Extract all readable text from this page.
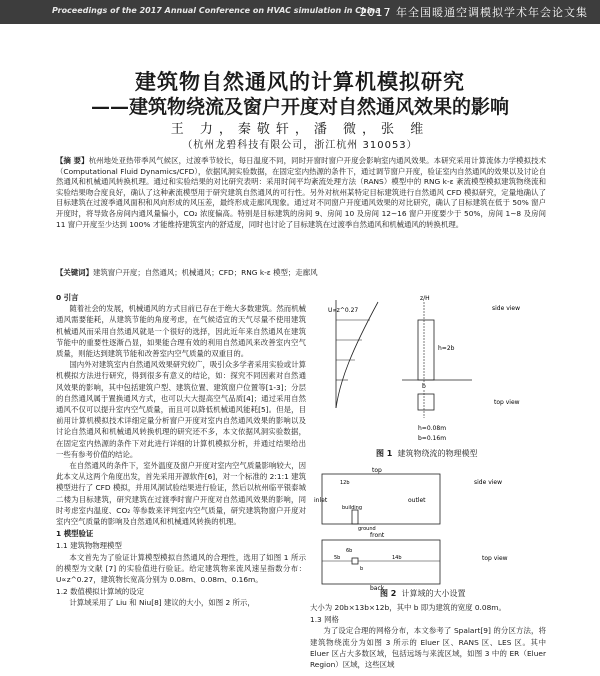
Proceedings of the 2017 Annual Conference on HVAC simulation in China
2017 年全国暖通空调模拟学术年会论文集
建筑物自然通风的计算机模拟研究
——建筑物绕流及窗户开度对自然通风效果的影响
王 力，秦敬轩，潘 微，张 维
（杭州龙碧科技有限公司，浙江杭州 310053）
【摘 要】杭州地处亚热带季风气候区，过渡季节较长，每日温度不同，同时开窗时窗户开度会影响室内通风效果。本研究采用计算流体力学模拟技术（Computational Fluid Dynamics/CFD），依据风洞实验数据，在固定室内热源的条件下，通过调节窗户开度，验证室内自然通风的效果以及讨论自然通风和机械通风转换机理。通过和实验结果的对比研究表明：采用时间平均紊流处理方法（RANS）模型中的 RNG k-ε 紊流模型模拟建筑物绕流和实验结果吻合度良好，确认了这种紊流模型用于研究建筑自然通风的可行性。另外对杭州某特定目标建筑进行自然通风 CFD 模拟研究，定量地确认了目标建筑在过渡季通风面积和风向形成的风压差，最终形成走廊风现象。通过对不同窗户开度通风效果的对比研究，确认了目标建筑在低于 50% 窗户开度时，将导致各房间内通风量偏小，CO₂ 浓度偏高。特别是目标建筑的房间 9、房间 10 及房间 12~16 窗户开度要少于 50%，房间 1~8 及房间 11 窗户开度至少达到 100% 才能维持建筑室内的舒适度，同时也讨论了目标建筑在过渡季自然通风和机械通风的转换机理。
【关键词】建筑窗户开度；自然通风；机械通风；CFD；RNG k-ε 模型；走廊风
0 引言

随着社会的发展，机械通风的方式目前已存在于绝大多数建筑。然而机械通风需要能耗，从建筑节能的角度考虑，在气候适宜的天气尽量不使用建筑机械通风而采用自然通风就是一个很好的选择，因此近年来自然通风在建筑节能中的重要性逐渐凸显，如果能合理有效的利用自然通风来改善室内空气质量，则能达到建筑节能和改善室内空气质量的双重目的。

国内外对建筑室内自然通风效果研究较广，吸引众多学者采用实验或计算机模拟方法进行研究，得到很多有意义的结论，如：探究不同因素对自然通风效果的影响，其中包括建筑户型、建筑位置、建筑窗户位置等[1-3]；分层的自然通风属于置换通风方式，也可以大大提高空气品质[4]；通过采用自然通风不仅可以提升室内空气质量，而且可以降低机械通风能耗[5]。但是，目前用计算机模拟技术详细定量分析窗户开度对室内自然通风效果的影响以及讨论自然通风和机械通风转换机理的研究还不多，本文依据风洞实验数据，在固定室内热源的条件下对此进行详细的计算机模拟分析，并通过结果给出一些有参考价值的结论。

在自然通风的条件下，室外温度及窗户开度对室内空气质量影响较大，因此本文从这两个角度出发，首先采用开源软件[6]，对一个标准的 2:1:1 建筑模型进行了 CFD 模拟，并用风洞试验结果进行验证，然后以杭州临平银泰城二楼为目标建筑，研究建筑在过渡季时窗户开度对自然通风效果的影响，同时考虑室内温度、CO₂ 等参数来评判室内空气质量，研究建筑物窗户开度对室内空气质量的影响及自然通风和机械通风转换的机理。

1 模型验证
1.1 建筑物物理模型

本文首先为了验证计算模型模拟自然通风的合理性，选用了如图 1 所示的模型为文献 [7] 的实验值进行验证。给定建筑物来流风速呈指数分布：U∝z^0.27，建筑物长宽高分别为 0.08m、0.08m、0.16m。

1.2 数值模拟计算域的设定

计算域采用了 Liu 和 Niu[8] 建议的大小，如图 2 所示，

大小为 20b×13b×12b，其中 b 即为建筑的宽度 0.08m。

1.3 网格

为了设定合理的网格分布，本文参考了 Spalart[9] 的分区方法，将建筑物绕流分为如图 3 所示的 Eluer 区、RANS 区、LES 区。其中 Eluer 区占大多数区域，包括远场与来流区域，如图 3 中的 ER（Eluer Region）区域，这些区域

U∝z^0.27
z/H
h=2b
b
side view
top view
h=0.08m
b=0.16m
图 1 建筑物绕流的物理模型
top
inlet	outlet
side view
building
ground
12b
front
back
5b	14b
6b
b
top view
图 2 计算域的大小设置
